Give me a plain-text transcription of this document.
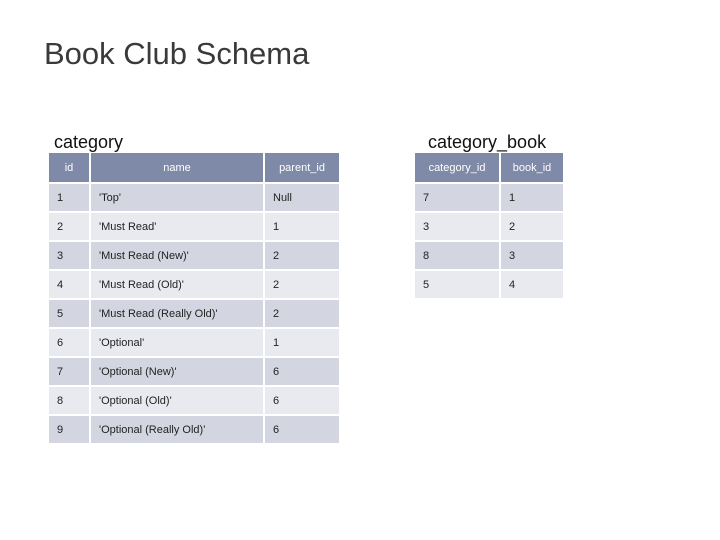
Book Club Schema
category	category_book
id	name	parent_id
1	'Top'	Null
2	'Must Read'	1
3	'Must Read (New)'	2
4	'Must Read (Old)'	2
5	'Must Read (Really Old)'	2
6	'Optional'	1
7	'Optional (New)'	6
8	'Optional (Old)'	6
9	'Optional (Really Old)'	6
category_id	book_id
7	1
3	2
8	3
5	4
